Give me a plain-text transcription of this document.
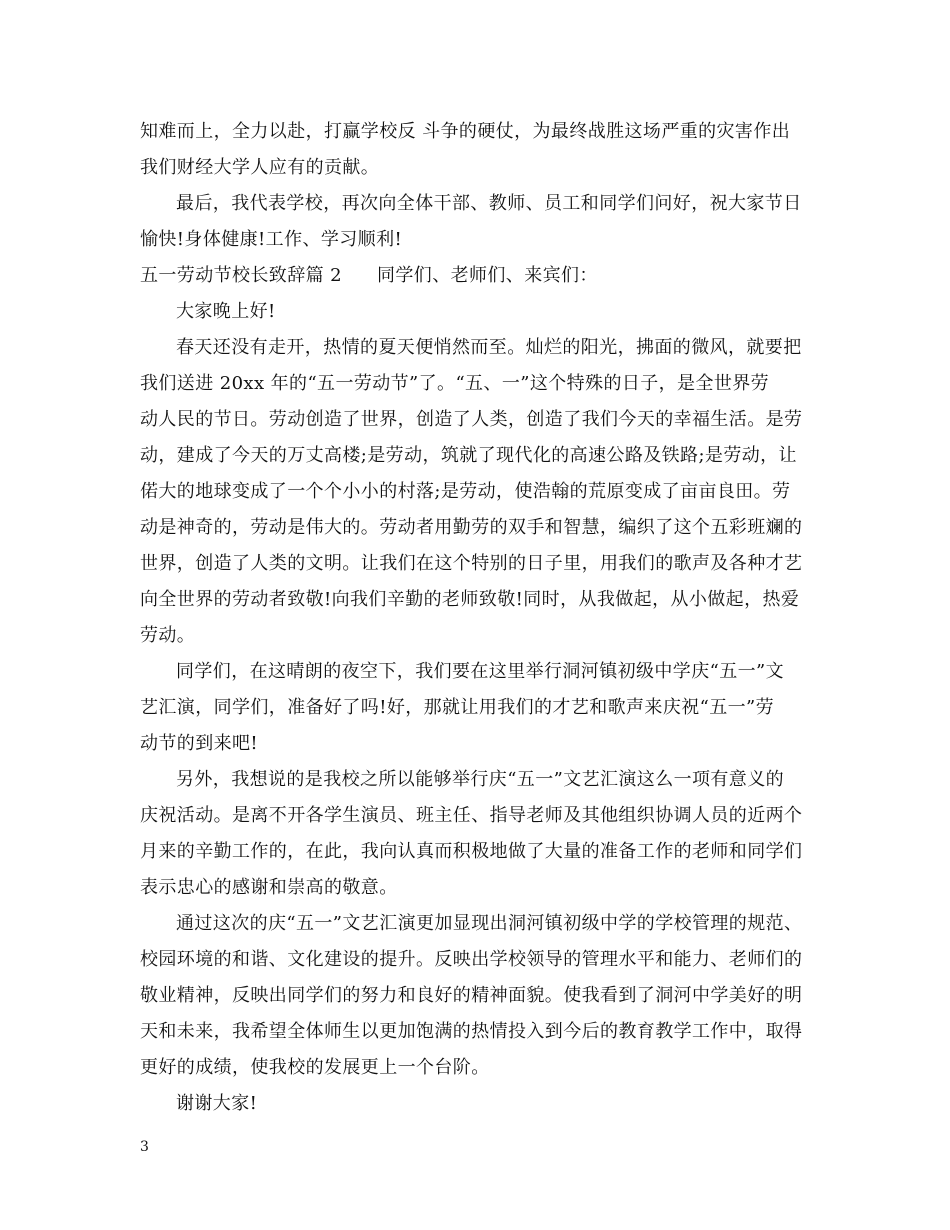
知难而上，全力以赴，打赢学校反 斗争的硬仗，为最终战胜这场严重的灾害作出
我们财经大学人应有的贡献。
最后，我代表学校，再次向全体干部、教师、员工和同学们问好，祝大家节日
愉快!身体健康!工作、学习顺利!
五一劳动节校长致辞篇 2 同学们、老师们、来宾们：
大家晚上好!
春天还没有走开，热情的夏天便悄然而至。灿烂的阳光，拂面的微风，就要把
我们送进 20xx 年的“五一劳动节”了。“五、一”这个特殊的日子，是全世界劳
动人民的节日。劳动创造了世界，创造了人类，创造了我们今天的幸福生活。是劳
动，建成了今天的万丈高楼;是劳动，筑就了现代化的高速公路及铁路;是劳动，让
偌大的地球变成了一个个小小的村落;是劳动，使浩翰的荒原变成了亩亩良田。劳
动是神奇的，劳动是伟大的。劳动者用勤劳的双手和智慧，编织了这个五彩班斓的
世界，创造了人类的文明。让我们在这个特别的日子里，用我们的歌声及各种才艺
向全世界的劳动者致敬!向我们辛勤的老师致敬!同时，从我做起，从小做起，热爱
劳动。
同学们，在这晴朗的夜空下，我们要在这里举行洞河镇初级中学庆“五一”文
艺汇演，同学们，准备好了吗!好，那就让用我们的才艺和歌声来庆祝“五一”劳
动节的到来吧!
另外，我想说的是我校之所以能够举行庆“五一”文艺汇演这么一项有意义的
庆祝活动。是离不开各学生演员、班主任、指导老师及其他组织协调人员的近两个
月来的辛勤工作的，在此，我向认真而积极地做了大量的准备工作的老师和同学们
表示忠心的感谢和崇高的敬意。
通过这次的庆“五一”文艺汇演更加显现出洞河镇初级中学的学校管理的规范、
校园环境的和谐、文化建设的提升。反映出学校领导的管理水平和能力、老师们的
敬业精神，反映出同学们的努力和良好的精神面貌。使我看到了洞河中学美好的明
天和未来，我希望全体师生以更加饱满的热情投入到今后的教育教学工作中，取得
更好的成绩，使我校的发展更上一个台阶。
谢谢大家!
3
